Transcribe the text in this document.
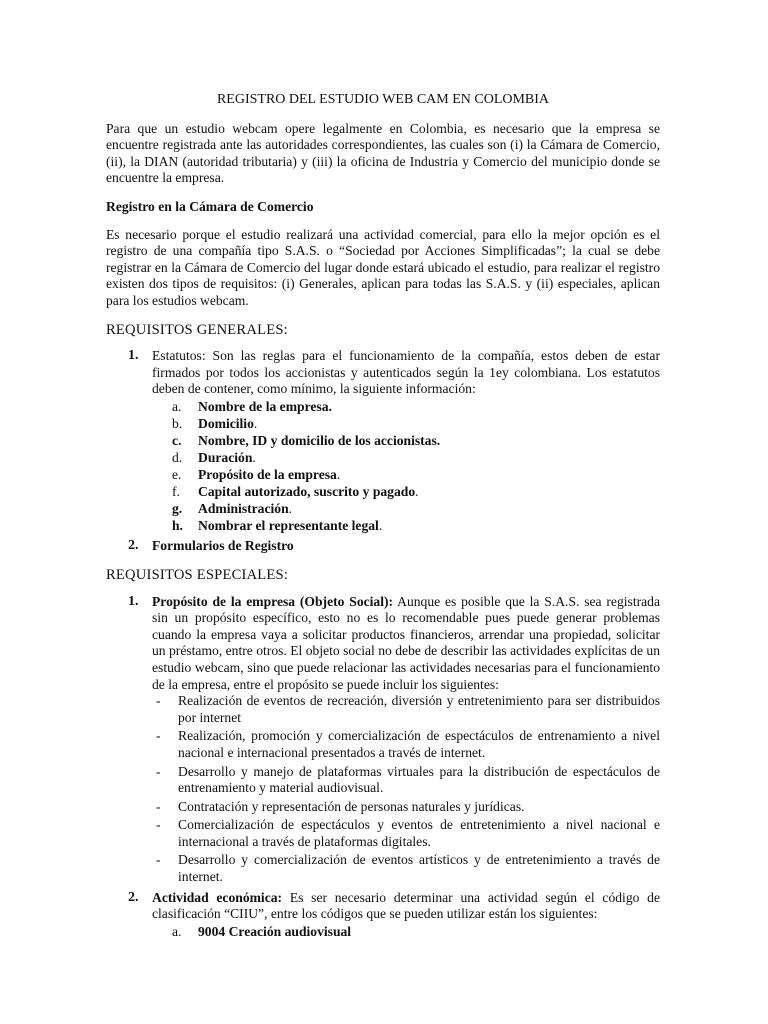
REGISTRO DEL ESTUDIO WEB CAM EN COLOMBIA
Para que un estudio webcam opere legalmente en Colombia, es necesario que la empresa se encuentre registrada ante las autoridades correspondientes, las cuales son (i) la Cámara de Comercio, (ii), la DIAN (autoridad tributaria) y (iii) la oficina de Industria y Comercio del municipio donde se encuentre la empresa.
Registro en la Cámara de Comercio
Es necesario porque el estudio realizará una actividad comercial, para ello la mejor opción es el registro de una compañía tipo S.A.S. o “Sociedad por Acciones Simplificadas”; la cual se debe registrar en la Cámara de Comercio del lugar donde estará ubicado el estudio, para realizar el registro existen dos tipos de requisitos: (i) Generales, aplican para todas las S.A.S. y (ii) especiales, aplican para los estudios webcam.
REQUISITOS GENERALES:
1. Estatutos: Son las reglas para el funcionamiento de la compañía, estos deben de estar firmados por todos los accionistas y autenticados según la 1ey colombiana. Los estatutos deben de contener, como mínimo, la siguiente información:
a. Nombre de la empresa.
b. Domicilio.
c. Nombre, ID y domicilio de los accionistas.
d. Duración.
e. Propósito de la empresa.
f. Capital autorizado, suscrito y pagado.
g. Administración.
h. Nombrar el representante legal.
2. Formularios de Registro
REQUISITOS ESPECIALES:
1. Propósito de la empresa (Objeto Social): Aunque es posible que la S.A.S. sea registrada sin un propósito específico, esto no es lo recomendable pues puede generar problemas cuando la empresa vaya a solicitar productos financieros, arrendar una propiedad, solicitar un préstamo, entre otros. El objeto social no debe de describir las actividades explícitas de un estudio webcam, sino que puede relacionar las actividades necesarias para el funcionamiento de la empresa, entre el propósito se puede incluir los siguientes:
- Realización de eventos de recreación, diversión y entretenimiento para ser distribuidos por internet
- Realización, promoción y comercialización de espectáculos de entrenamiento a nivel nacional e internacional presentados a través de internet.
- Desarrollo y manejo de plataformas virtuales para la distribución de espectáculos de entrenamiento y material audiovisual.
- Contratación y representación de personas naturales y jurídicas.
- Comercialización de espectáculos y eventos de entretenimiento a nivel nacional e internacional a través de plataformas digitales.
- Desarrollo y comercialización de eventos artísticos y de entretenimiento a través de internet.
2. Actividad económica: Es ser necesario determinar una actividad según el código de clasificación “CIIU”, entre los códigos que se pueden utilizar están los siguientes:
a. 9004 Creación audiovisual
